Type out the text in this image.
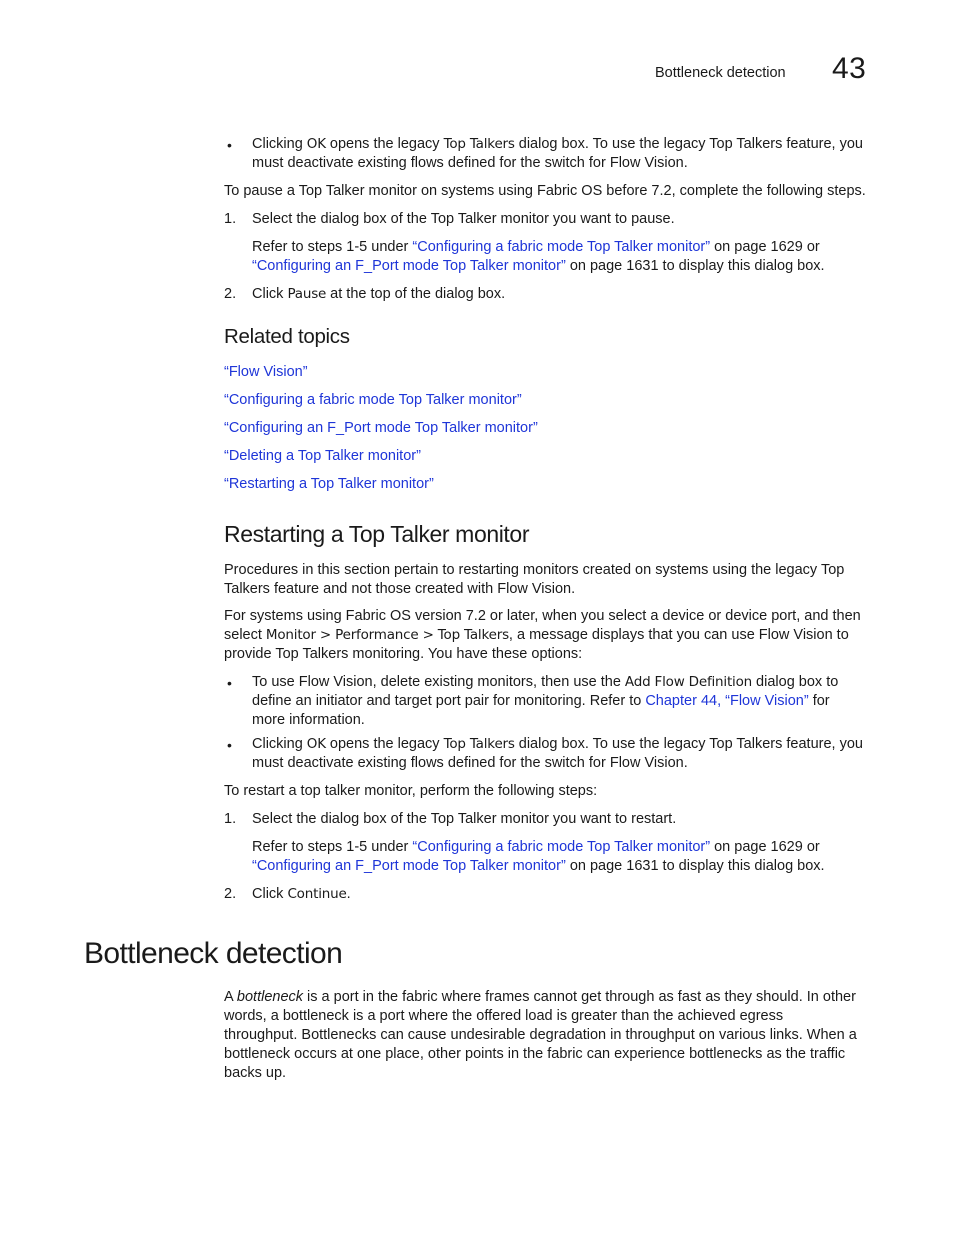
Bottleneck detection 43
• Clicking OK opens the legacy Top Talkers dialog box. To use the legacy Top Talkers feature, you
must deactivate existing flows defined for the switch for Flow Vision.
To pause a Top Talker monitor on systems using Fabric OS before 7.2, complete the following steps.
1. Select the dialog box of the Top Talker monitor you want to pause.
Refer to steps 1-5 under “Configuring a fabric mode Top Talker monitor” on page 1629 or
“Configuring an F_Port mode Top Talker monitor” on page 1631 to display this dialog box.
2. Click Pause at the top of the dialog box.
Related topics
“Flow Vision”
“Configuring a fabric mode Top Talker monitor”
“Configuring an F_Port mode Top Talker monitor”
“Deleting a Top Talker monitor”
“Restarting a Top Talker monitor”
Restarting a Top Talker monitor
Procedures in this section pertain to restarting monitors created on systems using the legacy Top
Talkers feature and not those created with Flow Vision.
For systems using Fabric OS version 7.2 or later, when you select a device or device port, and then
select Monitor > Performance > Top Talkers, a message displays that you can use Flow Vision to
provide Top Talkers monitoring. You have these options:
• To use Flow Vision, delete existing monitors, then use the Add Flow Definition dialog box to
define an initiator and target port pair for monitoring. Refer to Chapter 44, “Flow Vision” for
more information.
• Clicking OK opens the legacy Top Talkers dialog box. To use the legacy Top Talkers feature, you
must deactivate existing flows defined for the switch for Flow Vision.
To restart a top talker monitor, perform the following steps:
1. Select the dialog box of the Top Talker monitor you want to restart.
Refer to steps 1-5 under “Configuring a fabric mode Top Talker monitor” on page 1629 or
“Configuring an F_Port mode Top Talker monitor” on page 1631 to display this dialog box.
2. Click Continue.
Bottleneck detection
A bottleneck is a port in the fabric where frames cannot get through as fast as they should. In other
words, a bottleneck is a port where the offered load is greater than the achieved egress
throughput. Bottlenecks can cause undesirable degradation in throughput on various links. When a
bottleneck occurs at one place, other points in the fabric can experience bottlenecks as the traffic
backs up.
